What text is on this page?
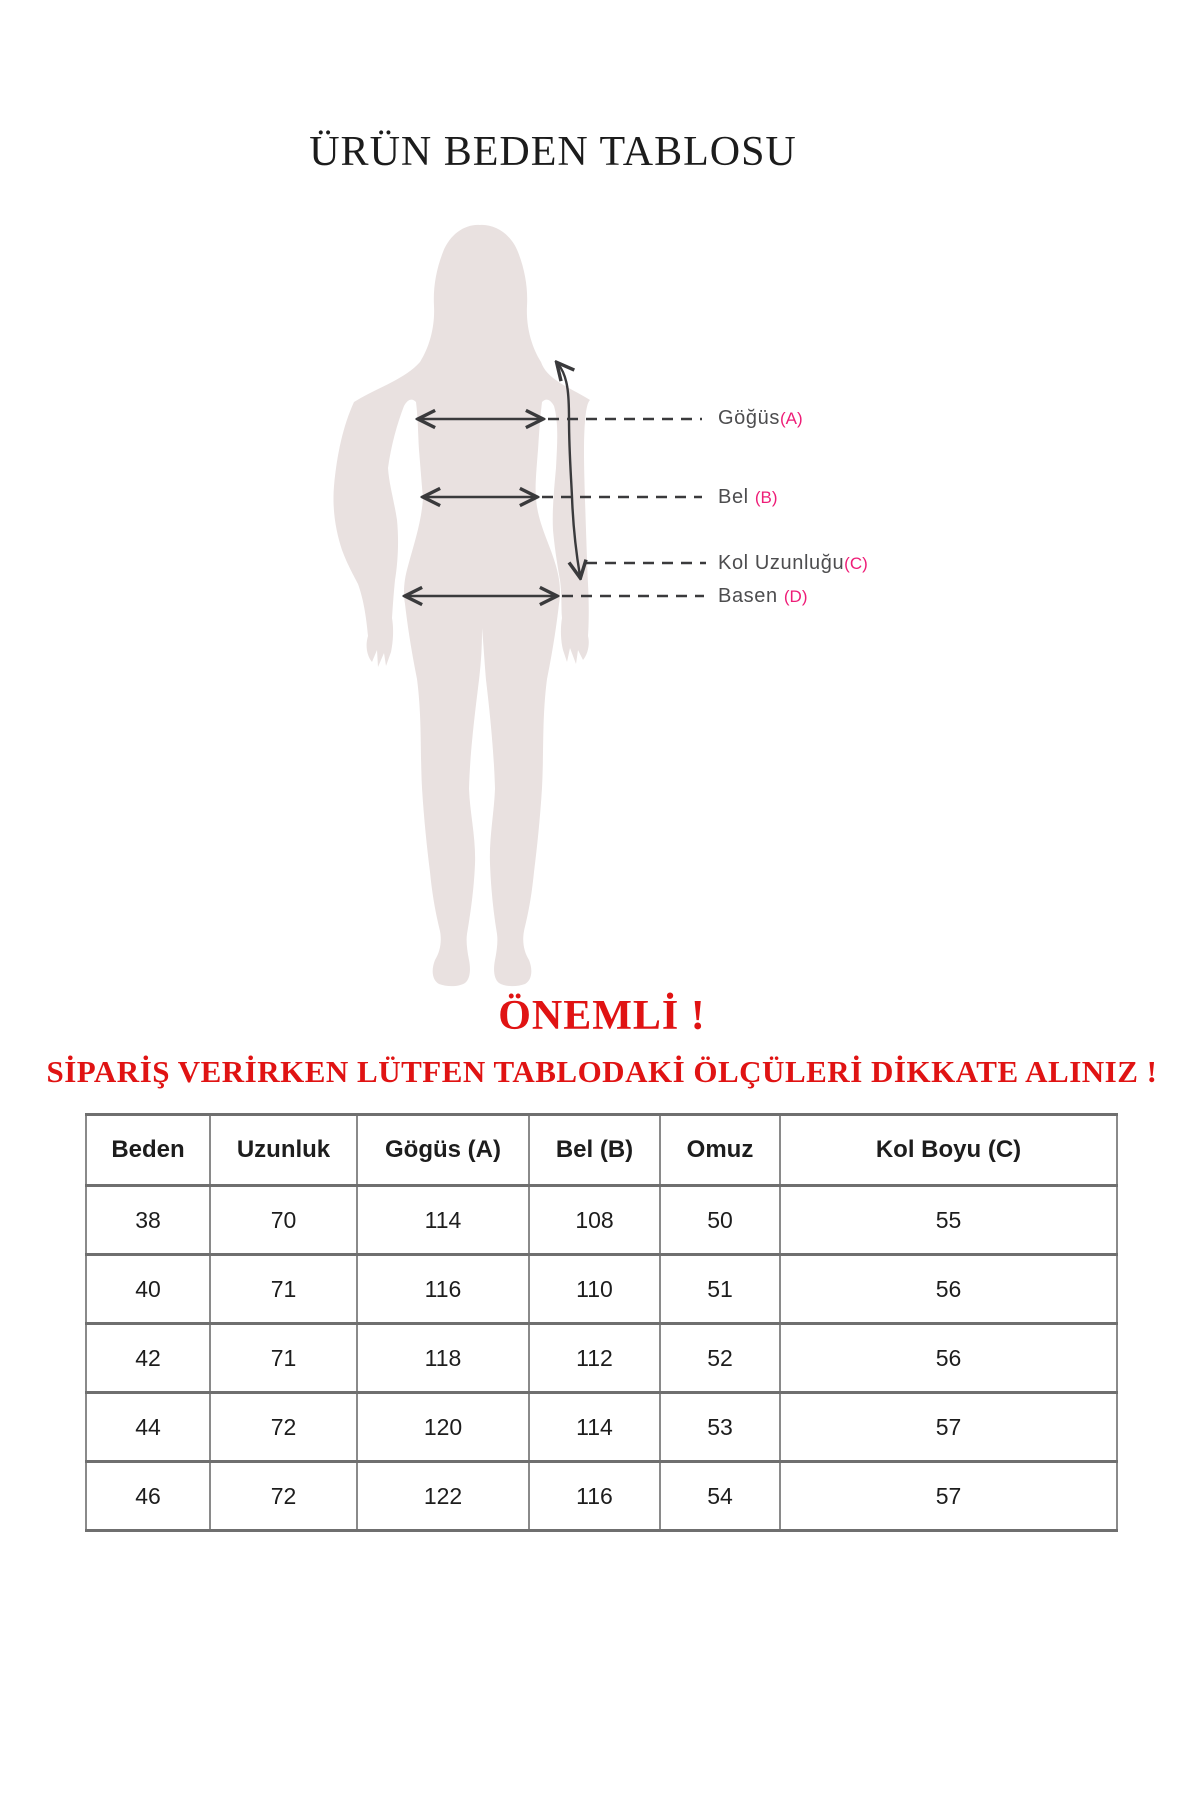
ÜRÜN BEDEN TABLOSU
Göğüs(A)
Bel (B)
Kol Uzunluğu(C)
Basen (D)
ÖNEMLİ !
SİPARİŞ VERİRKEN LÜTFEN TABLODAKİ ÖLÇÜLERİ DİKKATE ALINIZ !
Beden	Uzunluk	Gögüs (A)	Bel (B)	Omuz	Kol Boyu (C)
38	70	114	108	50	55
40	71	116	110	51	56
42	71	118	112	52	56
44	72	120	114	53	57
46	72	122	116	54	57
